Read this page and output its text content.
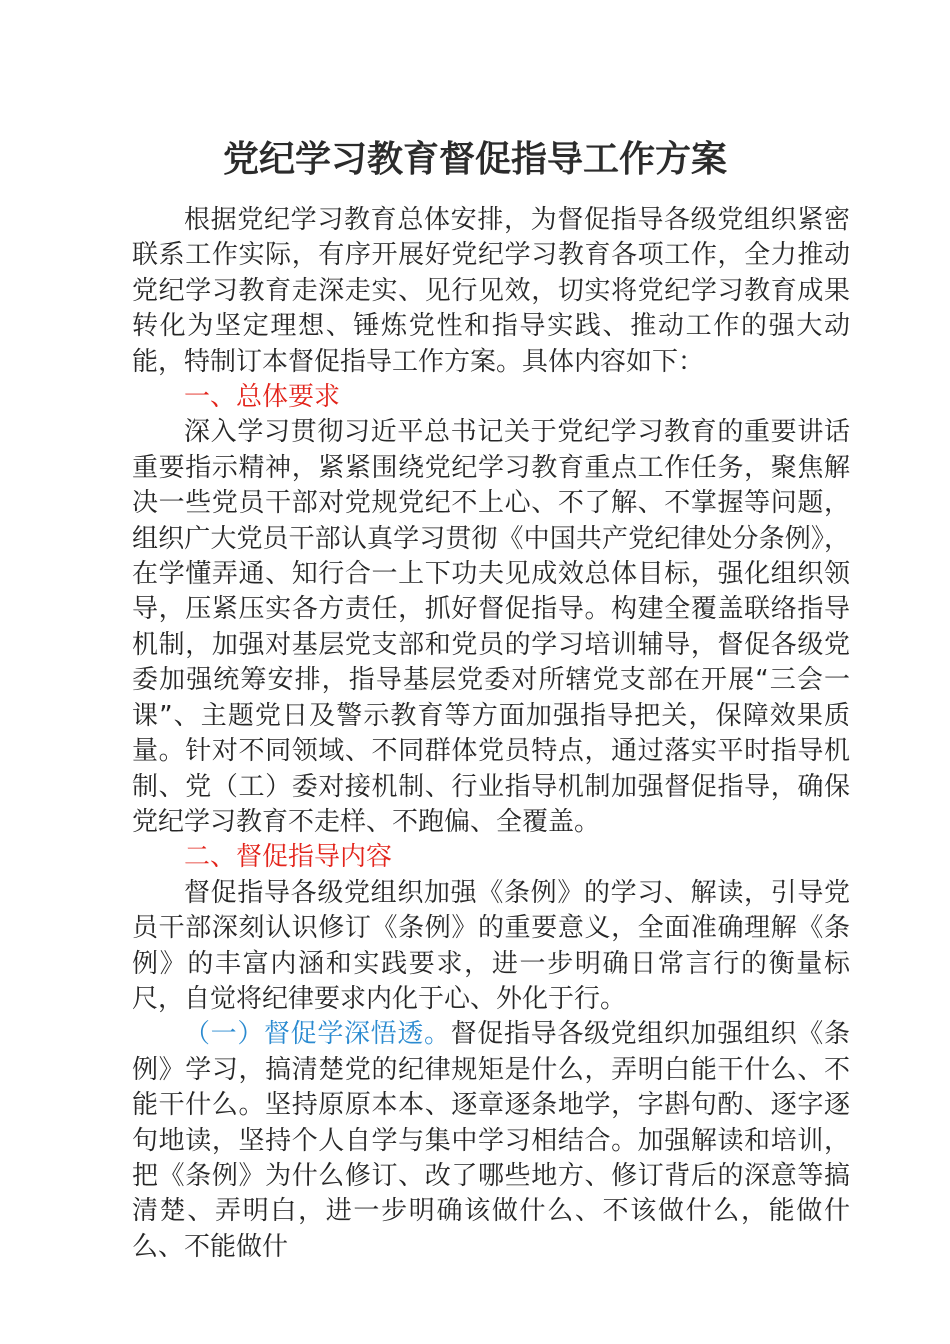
党纪学习教育督促指导工作方案

根据党纪学习教育总体安排，为督促指导各级党组织紧密联系工作实际，有序开展好党纪学习教育各项工作，全力推动党纪学习教育走深走实、见行见效，切实将党纪学习教育成果转化为坚定理想、锤炼党性和指导实践、推动工作的强大动能，特制订本督促指导工作方案。具体内容如下：

一、总体要求

深入学习贯彻习近平总书记关于党纪学习教育的重要讲话重要指示精神，紧紧围绕党纪学习教育重点工作任务，聚焦解决一些党员干部对党规党纪不上心、不了解、不掌握等问题，组织广大党员干部认真学习贯彻《中国共产党纪律处分条例》，在学懂弄通、知行合一上下功夫见成效总体目标，强化组织领导，压紧压实各方责任，抓好督促指导。构建全覆盖联络指导机制，加强对基层党支部和党员的学习培训辅导，督促各级党委加强统筹安排，指导基层党委对所辖党支部在开展“三会一课”、主题党日及警示教育等方面加强指导把关，保障效果质量。针对不同领域、不同群体党员特点，通过落实平时指导机制、党（工）委对接机制、行业指导机制加强督促指导，确保党纪学习教育不走样、不跑偏、全覆盖。

二、督促指导内容

督促指导各级党组织加强《条例》的学习、解读，引导党员干部深刻认识修订《条例》的重要意义，全面准确理解《条例》的丰富内涵和实践要求，进一步明确日常言行的衡量标尺，自觉将纪律要求内化于心、外化于行。

（一）督促学深悟透。督促指导各级党组织加强组织《条例》学习，搞清楚党的纪律规矩是什么，弄明白能干什么、不能干什么。坚持原原本本、逐章逐条地学，字斟句酌、逐字逐句地读，坚持个人自学与集中学习相结合。加强解读和培训，把《条例》为什么修订、改了哪些地方、修订背后的深意等搞清楚、弄明白，进一步明确该做什么、不该做什么，能做什么、不能做什
